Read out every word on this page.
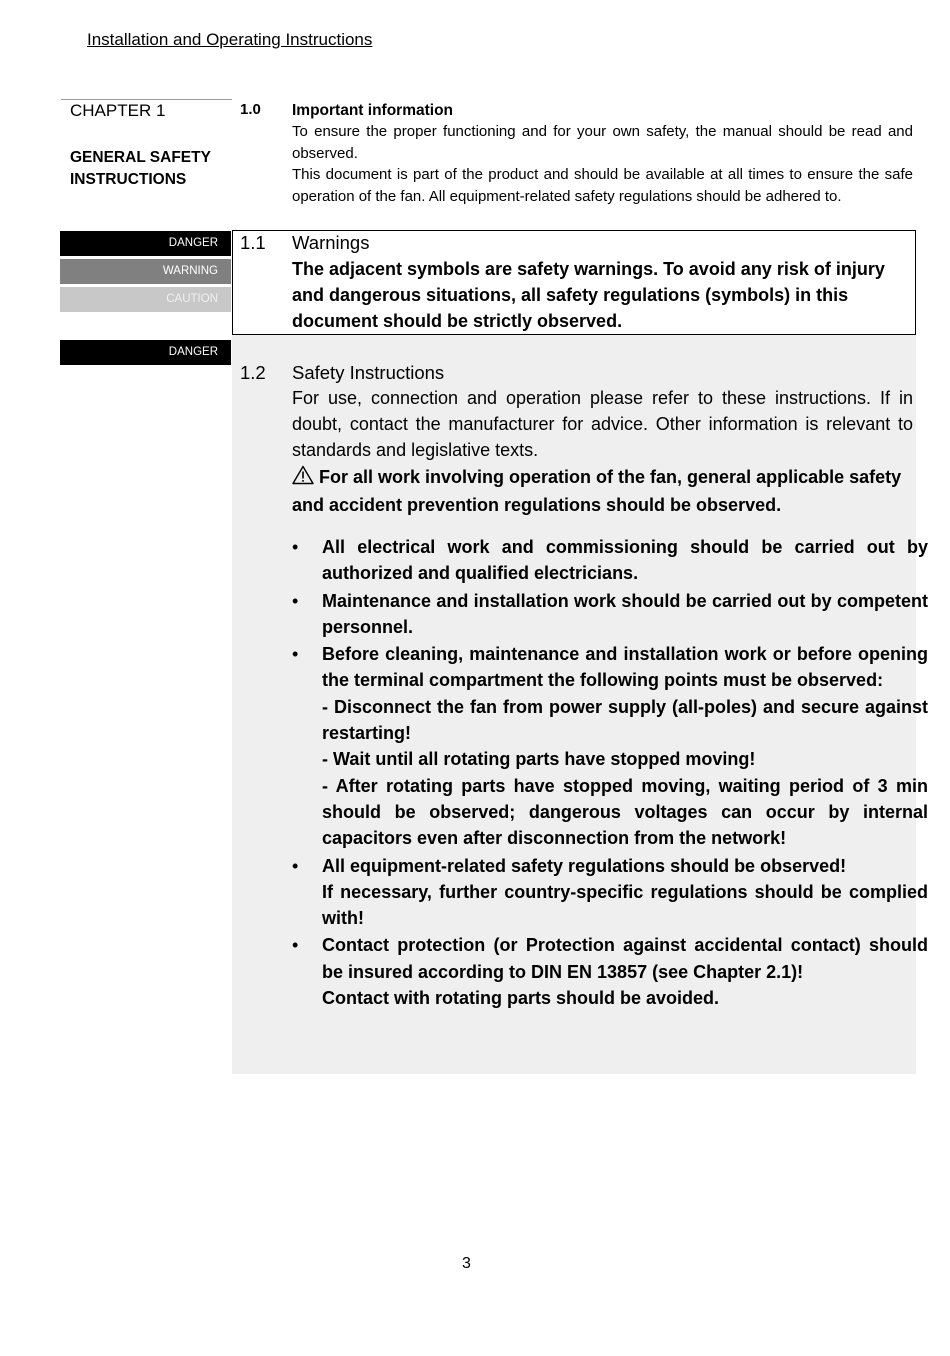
Installation and Operating Instructions
CHAPTER 1
GENERAL SAFETY INSTRUCTIONS
DANGER
WARNING
CAUTION
DANGER
1.0 Important information
To ensure the proper functioning and for your own safety, the manual should be read and observed.
This document is part of the product and should be available at all times to ensure the safe operation of the fan. All equipment-related safety regulations should be adhered to.
1.1 Warnings
The adjacent symbols are safety warnings. To avoid any risk of injury and dangerous situations, all safety regulations (symbols) in this document should be strictly observed.
1.2 Safety Instructions
For use, connection and operation please refer to these instructions. If in doubt, contact the manufacturer for advice. Other information is relevant to standards and legislative texts.
For all work involving operation of the fan, general applicable safety and accident prevention regulations should be observed.
• All electrical work and commissioning should be carried out by authorized and qualified electricians.
• Maintenance and installation work should be carried out by competent personnel.
• Before cleaning, maintenance and installation work or before opening the terminal compartment the following points must be observed:
- Disconnect the fan from power supply (all-poles) and secure against restarting!
- Wait until all rotating parts have stopped moving!
- After rotating parts have stopped moving, waiting period of 3 min should be observed; dangerous voltages can occur by internal capacitors even after disconnection from the network!
• All equipment-related safety regulations should be observed!
If necessary, further country-specific regulations should be complied with!
• Contact protection (or Protection against accidental contact) should be insured according to DIN EN 13857 (see Chapter 2.1)!
Contact with rotating parts should be avoided.
3
